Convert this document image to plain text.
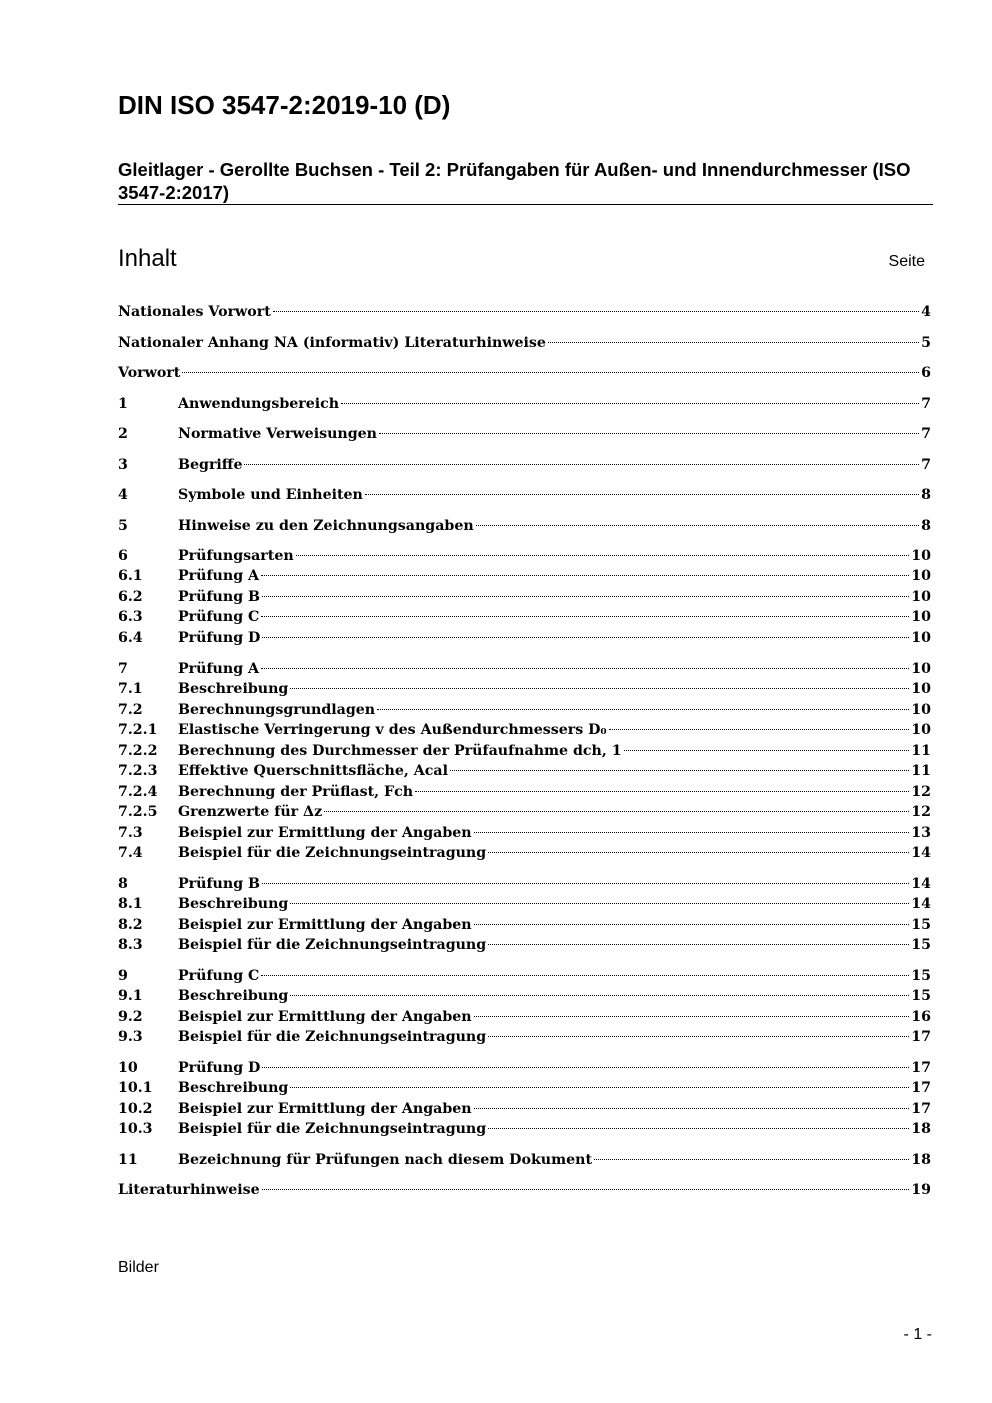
DIN ISO 3547-2:2019-10 (D)
Gleitlager - Gerollte Buchsen - Teil 2: Prüfangaben für Außen- und Innendurchmesser (ISO 3547-2:2017)
Inhalt	Seite
Nationales Vorwort	4
Nationaler Anhang NA (informativ) Literaturhinweise	5
Vorwort	6
1	Anwendungsbereich	7
2	Normative Verweisungen	7
3	Begriffe	7
4	Symbole und Einheiten	8
5	Hinweise zu den Zeichnungsangaben	8
6	Prüfungsarten	10
6.1	Prüfung A	10
6.2	Prüfung B	10
6.3	Prüfung C	10
6.4	Prüfung D	10
7	Prüfung A	10
7.1	Beschreibung	10
7.2	Berechnungsgrundlagen	10
7.2.1	Elastische Verringerung v des Außendurchmessers D₀	10
7.2.2	Berechnung des Durchmesser der Prüfaufnahme dch, 1	11
7.2.3	Effektive Querschnittsfläche, Acal	11
7.2.4	Berechnung der Prüflast, Fch	12
7.2.5	Grenzwerte für Δz	12
7.3	Beispiel zur Ermittlung der Angaben	13
7.4	Beispiel für die Zeichnungseintragung	14
8	Prüfung B	14
8.1	Beschreibung	14
8.2	Beispiel zur Ermittlung der Angaben	15
8.3	Beispiel für die Zeichnungseintragung	15
9	Prüfung C	15
9.1	Beschreibung	15
9.2	Beispiel zur Ermittlung der Angaben	16
9.3	Beispiel für die Zeichnungseintragung	17
10	Prüfung D	17
10.1	Beschreibung	17
10.2	Beispiel zur Ermittlung der Angaben	17
10.3	Beispiel für die Zeichnungseintragung	18
11	Bezeichnung für Prüfungen nach diesem Dokument	18
Literaturhinweise	19
Bilder
- 1 -
